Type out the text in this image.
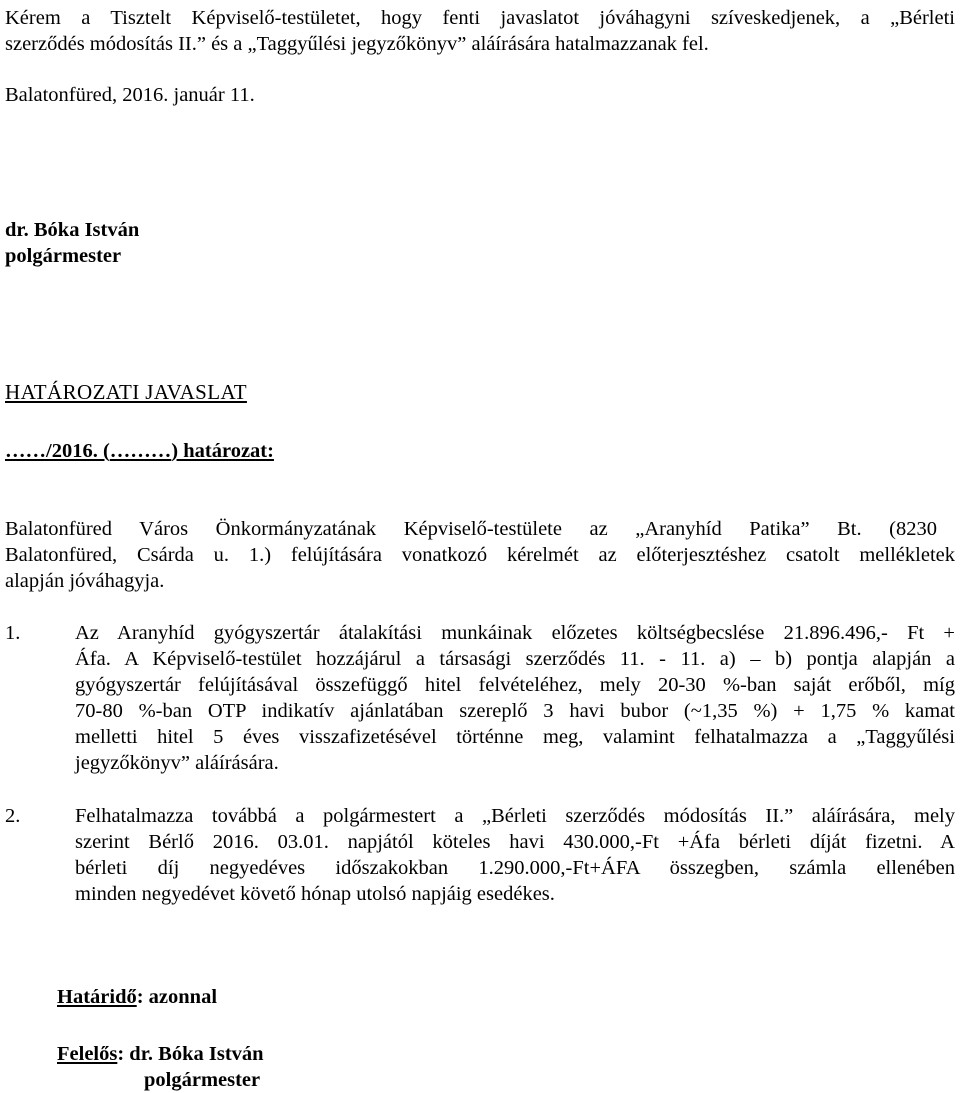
Kérem a Tisztelt Képviselő-testületet, hogy fenti javaslatot jóváhagyni szíveskedjenek, a „Bérleti
szerződés módosítás II.” és a „Taggyűlési jegyzőkönyv” aláírására hatalmazzanak fel.
Balatonfüred, 2016. január 11.
dr. Bóka István
polgármester
HATÁROZATI JAVASLAT
……/2016. (………) határozat:
Balatonfüred Város Önkormányzatának Képviselő-testülete az „Aranyhíd Patika” Bt. (8230
Balatonfüred, Csárda u. 1.) felújítására vonatkozó kérelmét az előterjesztéshez csatolt mellékletek
alapján jóváhagyja.
1.	Az Aranyhíd gyógyszertár átalakítási munkáinak előzetes költségbecslése 21.896.496,- Ft +
Áfa. A Képviselő-testület hozzájárul a társasági szerződés 11. - 11. a) – b) pontja alapján a
gyógyszertár felújításával összefüggő hitel felvételéhez, mely 20-30 %-ban saját erőből, míg
70-80 %-ban OTP indikatív ajánlatában szereplő 3 havi bubor (~1,35 %) + 1,75 % kamat
melletti hitel 5 éves visszafizetésével történne meg, valamint felhatalmazza a „Taggyűlési
jegyzőkönyv” aláírására.
2.	Felhatalmazza továbbá a polgármestert a „Bérleti szerződés módosítás II.” aláírására, mely
szerint Bérlő 2016. 03.01. napjától köteles havi 430.000,-Ft +Áfa bérleti díját fizetni. A
bérleti díj negyedéves időszakokban 1.290.000,-Ft+ÁFA összegben, számla ellenében
minden negyedévet követő hónap utolsó napjáig esedékes.
Határidő: azonnal
Felelős: dr. Bóka István
polgármester
